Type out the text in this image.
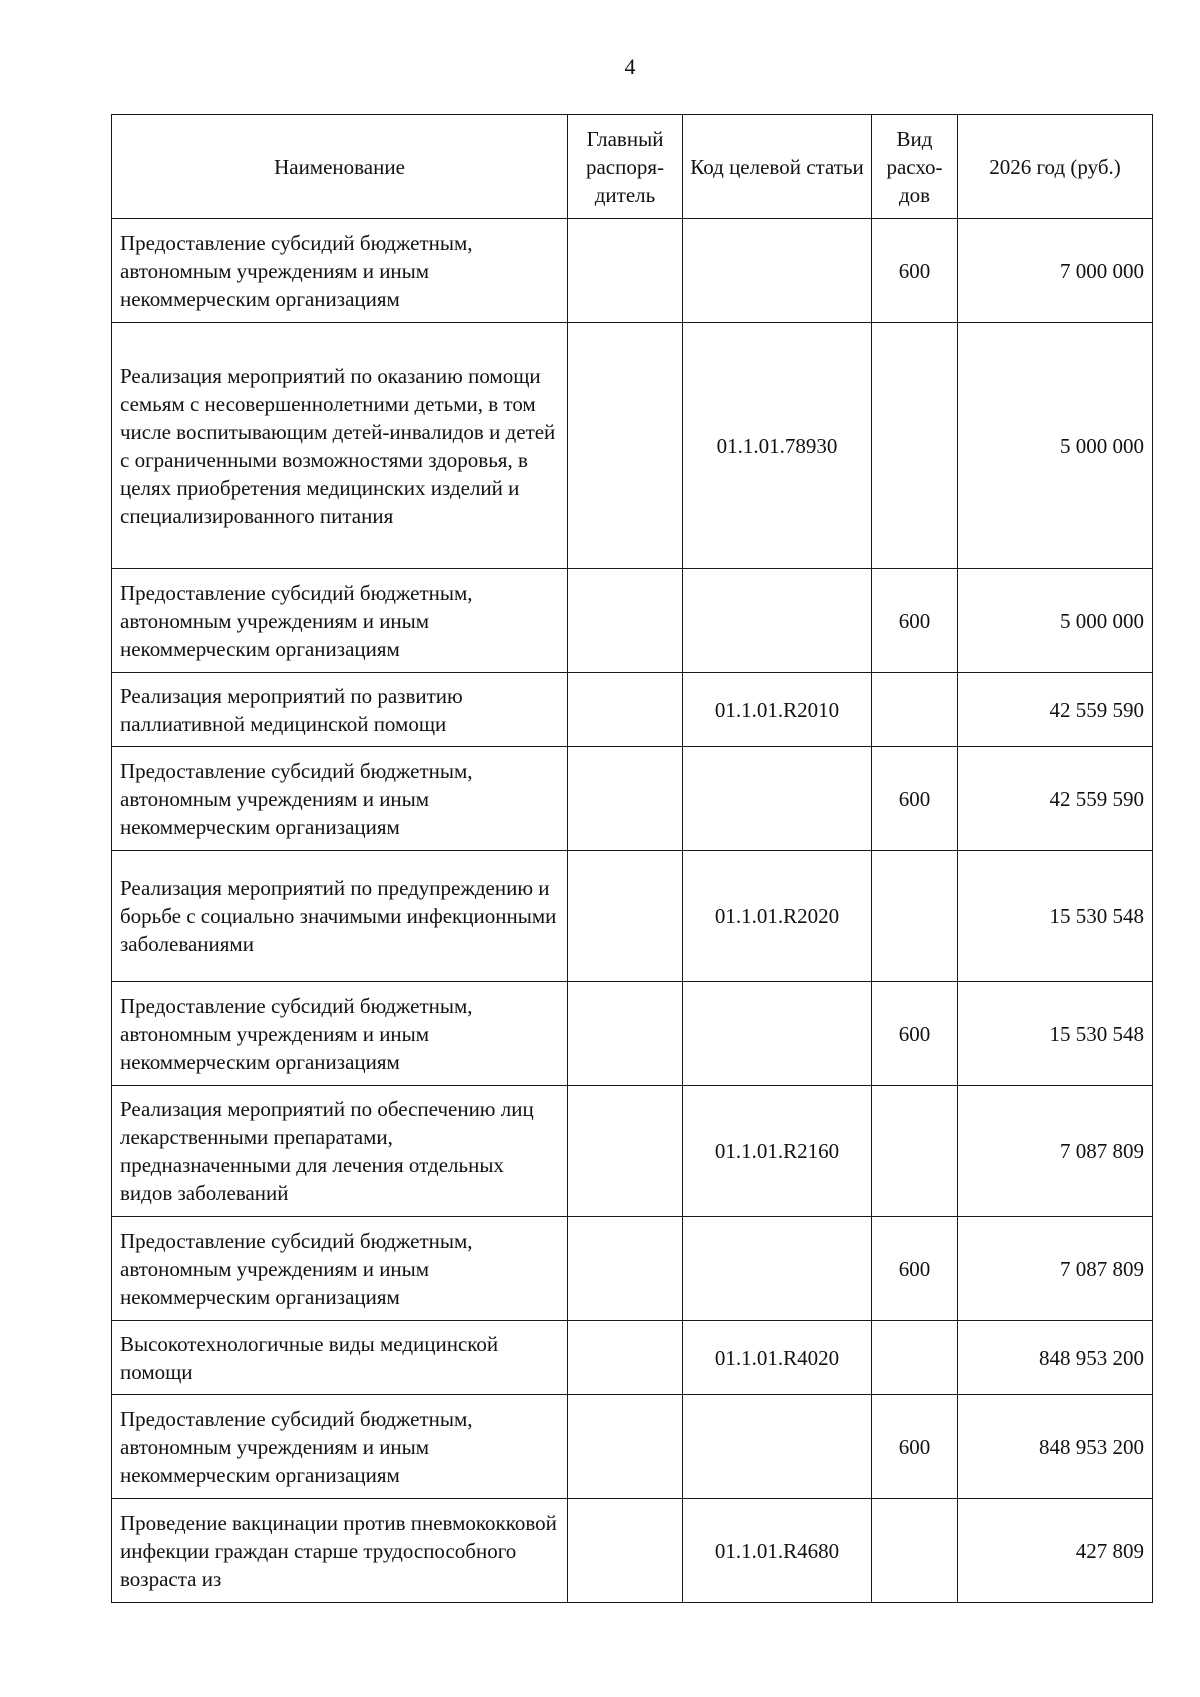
4
Наименование	Главный распоря-дитель	Код целевой статьи	Вид расхо-дов	2026 год (руб.)
Предоставление субсидий бюджетным, автономным учреждениям и иным некоммерческим организациям			600	7 000 000
Реализация мероприятий по оказанию помощи семьям с несовершеннолетними детьми, в том числе воспитывающим детей-инвалидов и детей с ограниченными возможностями здоровья, в целях приобретения медицинских изделий и специализированного питания		01.1.01.78930		5 000 000
Предоставление субсидий бюджетным, автономным учреждениям и иным некоммерческим организациям			600	5 000 000
Реализация мероприятий по развитию паллиативной медицинской помощи		01.1.01.R2010		42 559 590
Предоставление субсидий бюджетным, автономным учреждениям и иным некоммерческим организациям			600	42 559 590
Реализация мероприятий по предупреждению и борьбе с социально значимыми инфекционными заболеваниями		01.1.01.R2020		15 530 548
Предоставление субсидий бюджетным, автономным учреждениям и иным некоммерческим организациям			600	15 530 548
Реализация мероприятий по обеспечению лиц лекарственными препаратами, предназначенными для лечения отдельных видов заболеваний		01.1.01.R2160		7 087 809
Предоставление субсидий бюджетным, автономным учреждениям и иным некоммерческим организациям			600	7 087 809
Высокотехнологичные виды медицинской помощи		01.1.01.R4020		848 953 200
Предоставление субсидий бюджетным, автономным учреждениям и иным некоммерческим организациям			600	848 953 200
Проведение вакцинации против пневмококковой инфекции граждан старше трудоспособного возраста из		01.1.01.R4680		427 809
